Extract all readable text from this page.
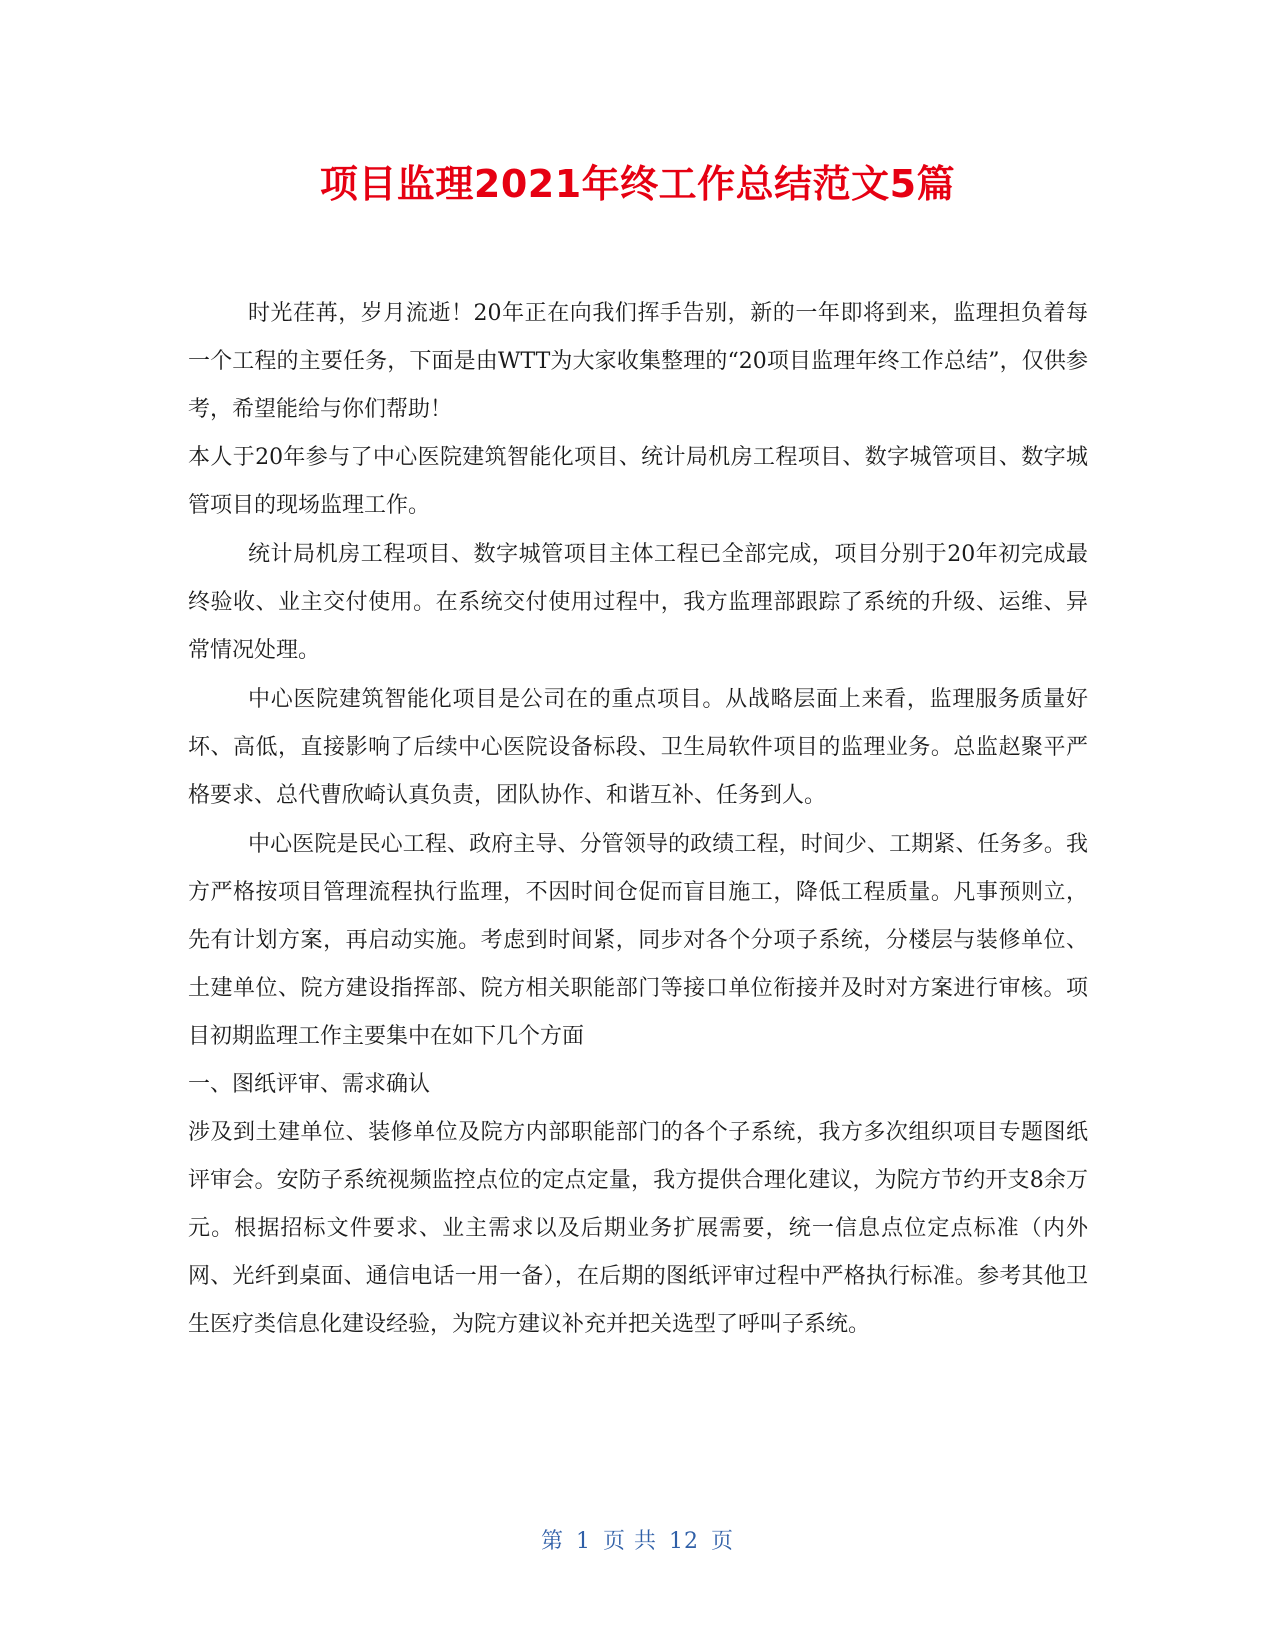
项目监理2021年终工作总结范文5篇

时光荏苒，岁月流逝！20年正在向我们挥手告别，新的一年即将到来，监理担负着每一个工程的主要任务，下面是由WTT为大家收集整理的“20项目监理年终工作总结”，仅供参考，希望能给与你们帮助！

本人于20年参与了中心医院建筑智能化项目、统计局机房工程项目、数字城管项目、数字城管项目的现场监理工作。

统计局机房工程项目、数字城管项目主体工程已全部完成，项目分别于20年初完成最终验收、业主交付使用。在系统交付使用过程中，我方监理部跟踪了系统的升级、运维、异常情况处理。

中心医院建筑智能化项目是公司在的重点项目。从战略层面上来看，监理服务质量好坏、高低，直接影响了后续中心医院设备标段、卫生局软件项目的监理业务。总监赵聚平严格要求、总代曹欣崎认真负责，团队协作、和谐互补、任务到人。

中心医院是民心工程、政府主导、分管领导的政绩工程，时间少、工期紧、任务多。我方严格按项目管理流程执行监理，不因时间仓促而盲目施工，降低工程质量。凡事预则立，先有计划方案，再启动实施。考虑到时间紧，同步对各个分项子系统，分楼层与装修单位、土建单位、院方建设指挥部、院方相关职能部门等接口单位衔接并及时对方案进行审核。项目初期监理工作主要集中在如下几个方面

一、图纸评审、需求确认

涉及到土建单位、装修单位及院方内部职能部门的各个子系统，我方多次组织项目专题图纸评审会。安防子系统视频监控点位的定点定量，我方提供合理化建议，为院方节约开支8余万元。根据招标文件要求、业主需求以及后期业务扩展需要，统一信息点位定点标准（内外网、光纤到桌面、通信电话一用一备），在后期的图纸评审过程中严格执行标准。参考其他卫生医疗类信息化建设经验，为院方建议补充并把关选型了呼叫子系统。

第 1 页 共 12 页
